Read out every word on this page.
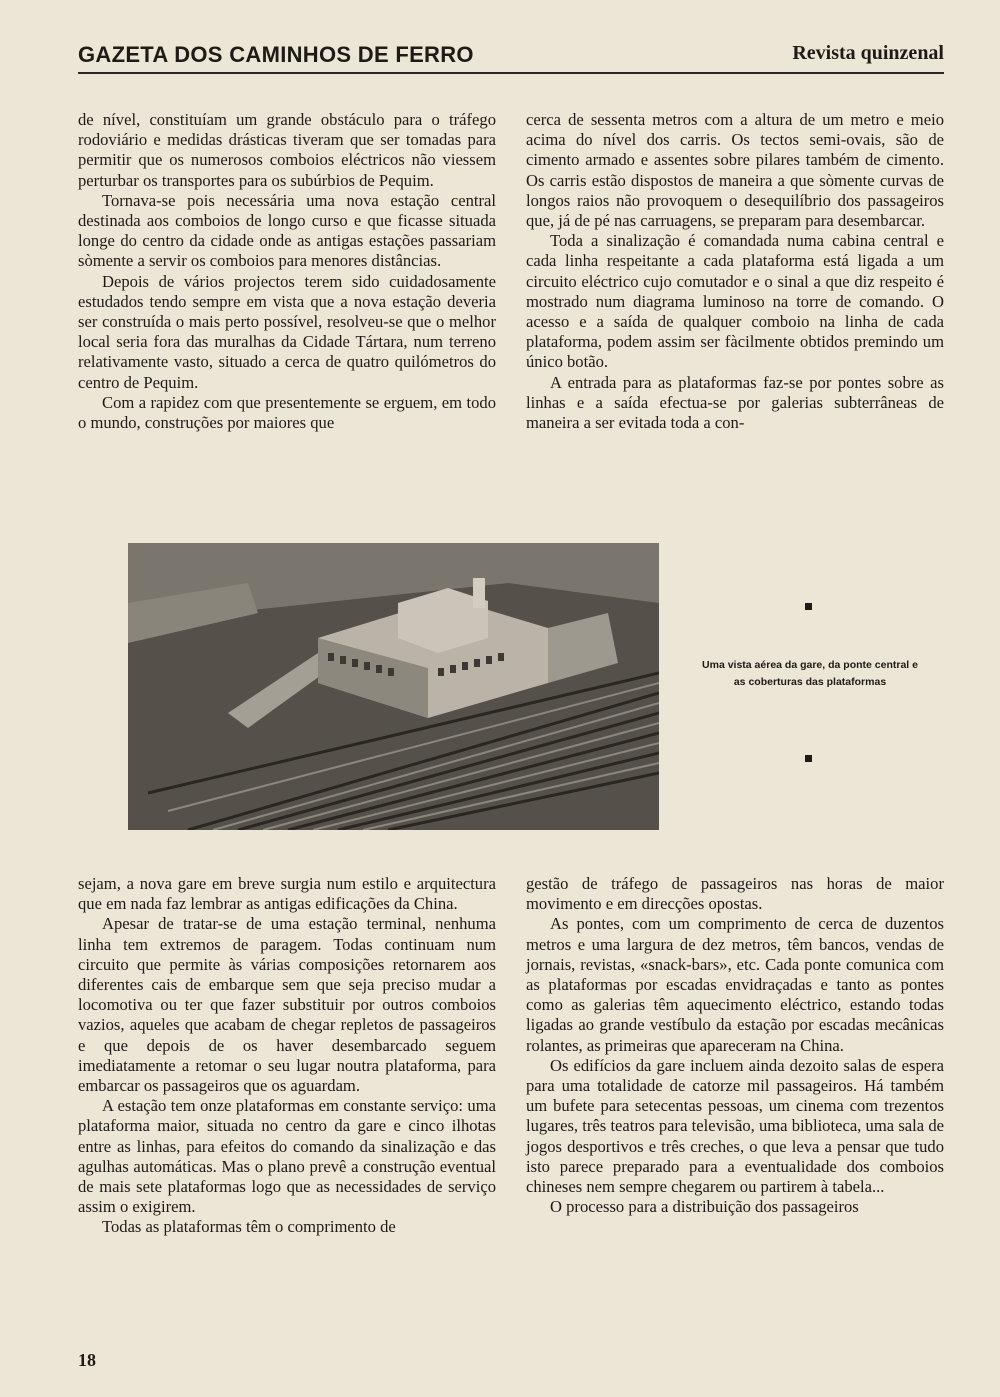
GAZETA DOS CAMINHOS DE FERRO	Revista quinzenal

de nível, constituíam um grande obstáculo para o tráfego rodoviário e medidas drásticas tiveram que ser tomadas para permitir que os numerosos comboios eléctricos não viessem perturbar os transportes para os subúrbios de Pequim.

Tornava-se pois necessária uma nova estação central destinada aos comboios de longo curso e que ficasse situada longe do centro da cidade onde as antigas estações passariam sòmente a servir os comboios para menores distâncias.

Depois de vários projectos terem sido cuidadosamente estudados tendo sempre em vista que a nova estação deveria ser construída o mais perto possível, resolveu-se que o melhor local seria fora das muralhas da Cidade Tártara, num terreno relativamente vasto, situado a cerca de quatro quilómetros do centro de Pequim.

Com a rapidez com que presentemente se erguem, em todo o mundo, construções por maiores que

cerca de sessenta metros com a altura de um metro e meio acima do nível dos carris. Os tectos semi-ovais, são de cimento armado e assentes sobre pilares também de cimento. Os carris estão dispostos de maneira a que sòmente curvas de longos raios não provoquem o desequilíbrio dos passageiros que, já de pé nas carruagens, se preparam para desembarcar.

Toda a sinalização é comandada numa cabina central e cada linha respeitante a cada plataforma está ligada a um circuito eléctrico cujo comutador e o sinal a que diz respeito é mostrado num diagrama luminoso na torre de comando. O acesso e a saída de qualquer comboio na linha de cada plataforma, podem assim ser fàcilmente obtidos premindo um único botão.

A entrada para as plataformas faz-se por pontes sobre as linhas e a saída efectua-se por galerias subterrâneas de maneira a ser evitada toda a con-

Uma vista aérea da gare, da ponte central e as coberturas das plataformas

sejam, a nova gare em breve surgia num estilo e arquitectura que em nada faz lembrar as antigas edificações da China.

Apesar de tratar-se de uma estação terminal, nenhuma linha tem extremos de paragem. Todas continuam num circuito que permite às várias composições retornarem aos diferentes cais de embarque sem que seja preciso mudar a locomotiva ou ter que fazer substituir por outros comboios vazios, aqueles que acabam de chegar repletos de passageiros e que depois de os haver desembarcado seguem imediatamente a retomar o seu lugar noutra plataforma, para embarcar os passageiros que os aguardam.

A estação tem onze plataformas em constante serviço: uma plataforma maior, situada no centro da gare e cinco ilhotas entre as linhas, para efeitos do comando da sinalização e das agulhas automáticas. Mas o plano prevê a construção eventual de mais sete plataformas logo que as necessidades de serviço assim o exigirem.

Todas as plataformas têm o comprimento de

gestão de tráfego de passageiros nas horas de maior movimento e em direcções opostas.

As pontes, com um comprimento de cerca de duzentos metros e uma largura de dez metros, têm bancos, vendas de jornais, revistas, «snack-bars», etc. Cada ponte comunica com as plataformas por escadas envidraçadas e tanto as pontes como as galerias têm aquecimento eléctrico, estando todas ligadas ao grande vestíbulo da estação por escadas mecânicas rolantes, as primeiras que apareceram na China.

Os edifícios da gare incluem ainda dezoito salas de espera para uma totalidade de catorze mil passageiros. Há também um bufete para setecentas pessoas, um cinema com trezentos lugares, três teatros para televisão, uma biblioteca, uma sala de jogos desportivos e três creches, o que leva a pensar que tudo isto parece preparado para a eventualidade dos comboios chineses nem sempre chegarem ou partirem à tabela...

O processo para a distribuição dos passageiros

18
